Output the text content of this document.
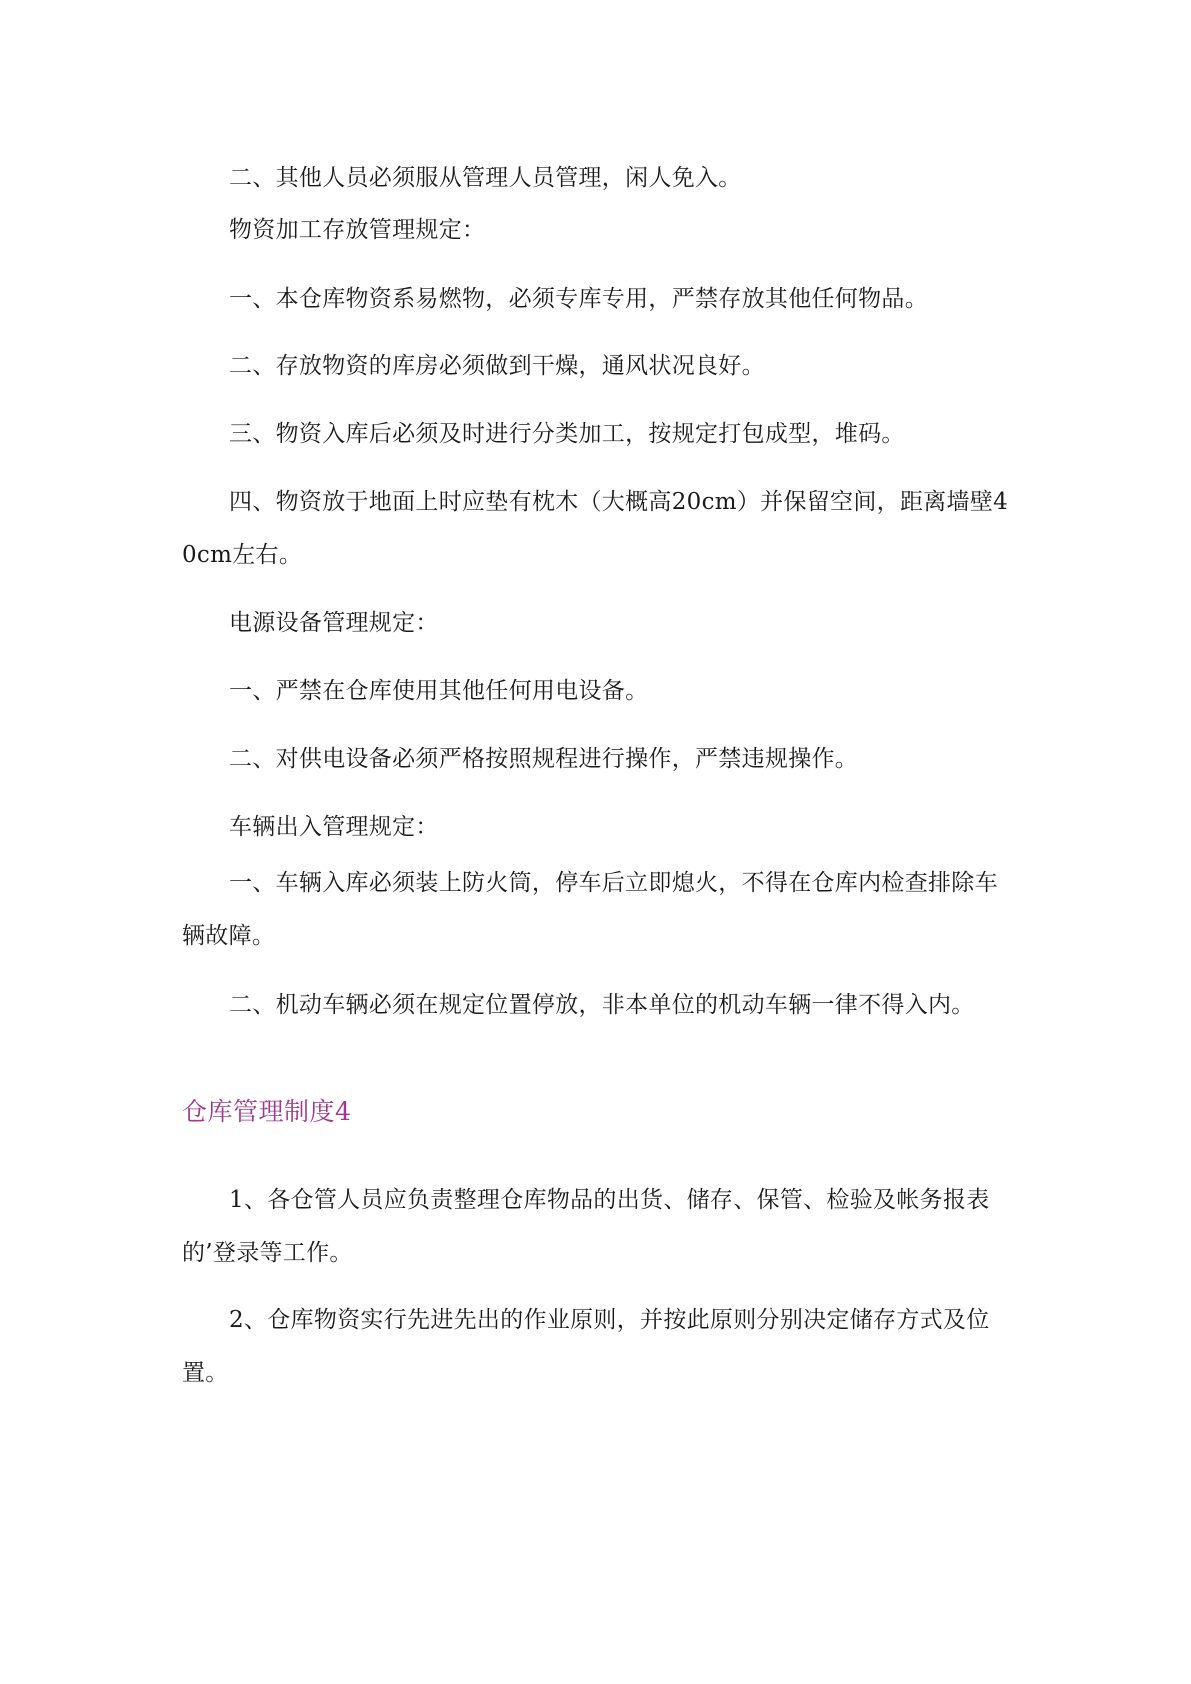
二、其他人员必须服从管理人员管理，闲人免入。

物资加工存放管理规定：

一、本仓库物资系易燃物，必须专库专用，严禁存放其他任何物品。

二、存放物资的库房必须做到干燥，通风状况良好。

三、物资入库后必须及时进行分类加工，按规定打包成型，堆码。

四、物资放于地面上时应垫有枕木（大概高20cm）并保留空间，距离墙壁40cm左右。

电源设备管理规定：

一、严禁在仓库使用其他任何用电设备。

二、对供电设备必须严格按照规程进行操作，严禁违规操作。

车辆出入管理规定：

一、车辆入库必须装上防火筒，停车后立即熄火，不得在仓库内检查排除车辆故障。

二、机动车辆必须在规定位置停放，非本单位的机动车辆一律不得入内。

仓库管理制度4

1、各仓管人员应负责整理仓库物品的出货、储存、保管、检验及帐务报表的’登录等工作。

2、仓库物资实行先进先出的作业原则，并按此原则分别决定储存方式及位置。
